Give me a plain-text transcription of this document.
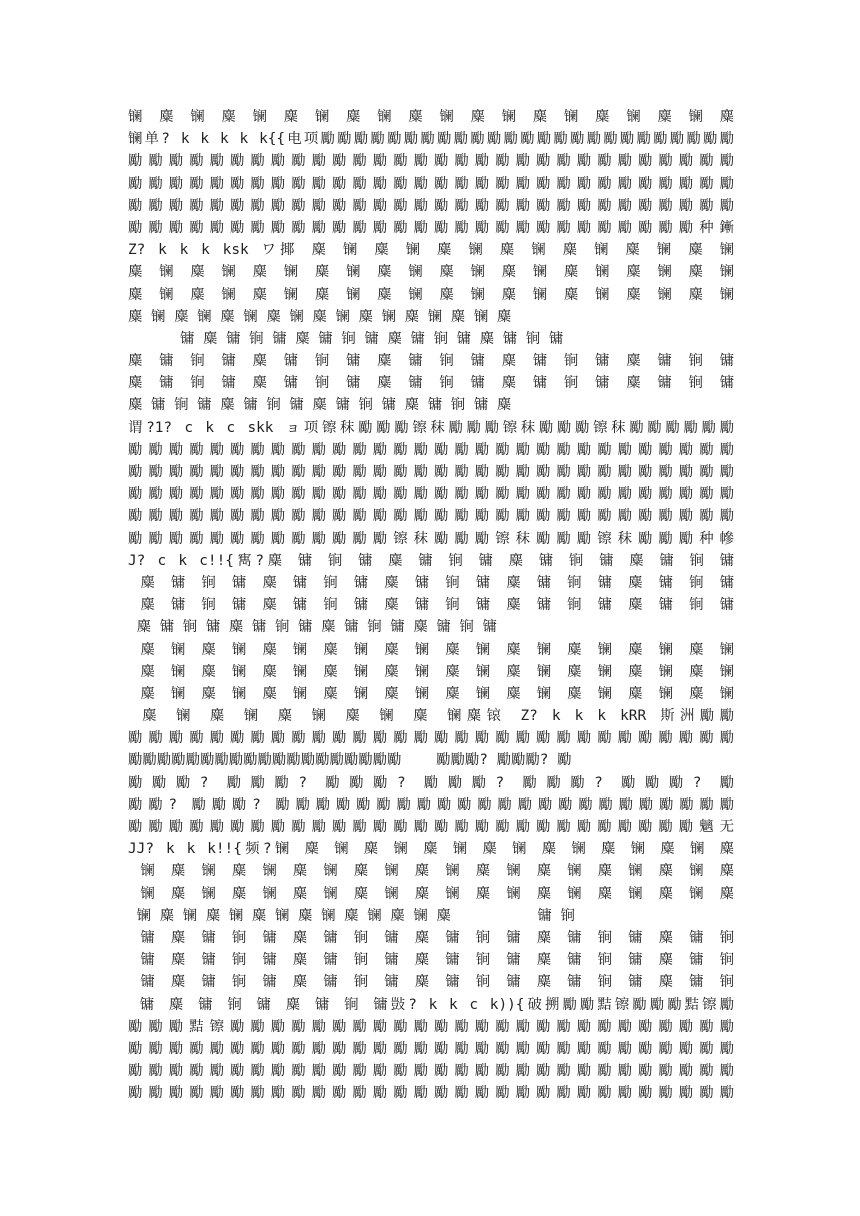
镧 麋 镧 麋 镧 麋 镧 麋 镧 麋 镧 麋 镧 麋 镧 麋 镧 麋 镧 麋
镧单? k k k k k{{电项勵勵勵勵勵勵勵勵勵勵勵勵勵勵勵勵勵勵勵勵勵勵勵勵勵
勵勵勵勵勵勵勵勵勵勵勵勵勵勵勵勵勵勵勵勵勵勵勵勵勵勵勵勵勵勵
勵勵勵勵勵勵勵勵勵勵勵勵勵勵勵勵勵勵勵勵勵勵勵勵勵勵勵勵勵勵
勵勵勵勵勵勵勵勵勵勵勵勵勵勵勵勵勵勵勵勵勵勵勵勵勵勵勵勵勵勵
勵勵勵勵勵勵勵勵勵勵勵勵勵勵勵勵勵勵勵勵勵勵勵勵勵勵勵勵种鏩
Z? k k k ksk ワ揶 麋 镧 麋 镧 麋 镧 麋 镧 麋 镧 麋 镧 麋 镧
麋 镧 麋 镧 麋 镧 麋 镧 麋 镧 麋 镧 麋 镧 麋 镧 麋 镧 麋 镧
麋 镧 麋 镧 麋 镧 麋 镧 麋 镧 麋 镧 麋 镧 麋 镧 麋 镧 麋 镧
麋 镧 麋 镧 麋 镧 麋 镧 麋 镧 麋 镧 麋 镧 麋 镧 麋
镛 麋 镛 锏 镛 麋 镛 锏 镛 麋 镛 锏 镛 麋 镛 锏 镛
麋 镛 锏 镛 麋 镛 锏 镛 麋 镛 锏 镛 麋 镛 锏 镛 麋 镛 锏 镛
麋 镛 锏 镛 麋 镛 锏 镛 麋 镛 锏 镛 麋 镛 锏 镛 麋 镛 锏 镛
麋 镛 锏 镛 麋 镛 锏 镛 麋 镛 锏 镛 麋 镛 锏 镛 麋
谓?1? c k c skk ョ项镲秣勵勵勵镲秣勵勵勵镲秣勵勵勵镲秣勵勵勵勵勵勵
勵勵勵勵勵勵勵勵勵勵勵勵勵勵勵勵勵勵勵勵勵勵勵勵勵勵勵勵勵勵
勵勵勵勵勵勵勵勵勵勵勵勵勵勵勵勵勵勵勵勵勵勵勵勵勵勵勵勵勵勵
勵勵勵勵勵勵勵勵勵勵勵勵勵勵勵勵勵勵勵勵勵勵勵勵勵勵勵勵勵勵
勵勵勵勵勵勵勵勵勵勵勵勵勵勵勵勵勵勵勵勵勵勵勵勵勵勵勵勵勵勵
勵勵勵勵勵勵勵勵勵勵勵勵勵镲秣勵勵勵镲秣勵勵勵镲秣勵勵勵种幓
J? c k c!!{寯?麋 镛 锏 镛 麋 镛 锏 镛 麋 镛 锏 镛 麋 镛 锏 镛
麋 镛 锏 镛 麋 镛 锏 镛 麋 镛 锏 镛 麋 镛 锏 镛 麋 镛 锏 镛
麋 镛 锏 镛 麋 镛 锏 镛 麋 镛 锏 镛 麋 镛 锏 镛 麋 镛 锏 镛
麋 镛 锏 镛 麋 镛 锏 镛 麋 镛 锏 镛 麋 镛 锏 镛
麋 镧 麋 镧 麋 镧 麋 镧 麋 镧 麋 镧 麋 镧 麋 镧 麋 镧 麋 镧
麋 镧 麋 镧 麋 镧 麋 镧 麋 镧 麋 镧 麋 镧 麋 镧 麋 镧 麋 镧
麋 镧 麋 镧 麋 镧 麋 镧 麋 镧 麋 镧 麋 镧 麋 镧 麋 镧 麋 镧
麋 镧 麋 镧 麋 镧 麋 镧 麋 镧麋锿 Z? k k k kRR 斯洲勵勵
勵勵勵勵勵勵勵勵勵勵勵勵勵勵勵勵勵勵勵勵勵勵勵勵勵勵勵勵勵勵
勵勵勵勵勵勵勵勵勵勵勵勵勵勵勵勵勵勵勵    勵勵勵? 勵勵勵? 勵
勵勵勵? 勵勵勵? 勵勵勵? 勵勵勵? 勵勵勵? 勵勵勵? 勵
勵勵? 勵勵勵? 勵勵勵勵勵勵勵勵勵勵勵勵勵勵勵勵勵勵勵勵勵勵勵
勵勵勵勵勵勵勵勵勵勵勵勵勵勵勵勵勵勵勵勵勵勵勵勵勵勵勵勵魑无
JJ? k k k!!{频?镧 麋 镧 麋 镧 麋 镧 麋 镧 麋 镧 麋 镧 麋 镧 麋
镧 麋 镧 麋 镧 麋 镧 麋 镧 麋 镧 麋 镧 麋 镧 麋 镧 麋 镧 麋
镧 麋 镧 麋 镧 麋 镧 麋 镧 麋 镧 麋 镧 麋 镧 麋 镧 麋 镧 麋
镧 麋 镧 麋 镧 麋 镧 麋 镧 麋 镧 麋 镧 麋          镛 锏
镛 麋 镛 锏 镛 麋 镛 锏 镛 麋 镛 锏 镛 麋 镛 锏 镛 麋 镛 锏
镛 麋 镛 锏 镛 麋 镛 锏 镛 麋 镛 锏 镛 麋 镛 锏 镛 麋 镛 锏
镛 麋 镛 锏 镛 麋 镛 锏 镛 麋 镛 锏 镛 麋 镛 锏 镛 麋 镛 锏
镛 麋 镛 锏 镛 麋 镛 锏 镛敱? k k c k)){破搠勵勵黠镲勵勵勵黠镲勵
勵勵勵黠镲勵勵勵勵勵勵勵勵勵勵勵勵勵勵勵勵勵勵勵勵勵勵勵勵勵
勵勵勵勵勵勵勵勵勵勵勵勵勵勵勵勵勵勵勵勵勵勵勵勵勵勵勵勵勵勵
勵勵勵勵勵勵勵勵勵勵勵勵勵勵勵勵勵勵勵勵勵勵勵勵勵勵勵勵勵勵
勵勵勵勵勵勵勵勵勵勵勵勵勵勵勵勵勵勵勵勵勵勵勵勵勵勵勵勵勵勵
